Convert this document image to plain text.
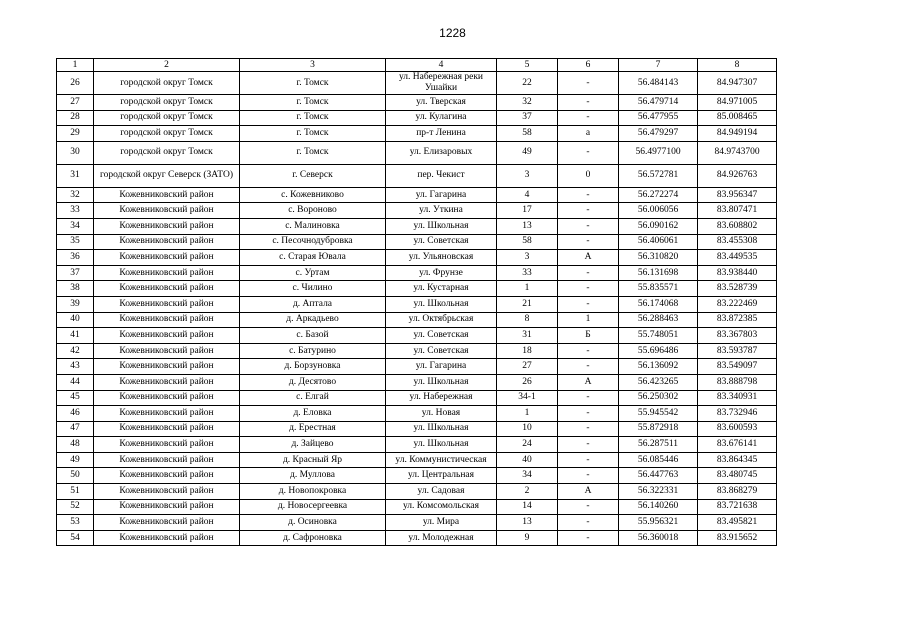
1228
1	2	3	4	5	6	7	8
26	городской округ Томск	г. Томск	ул. Набережная реки Ушайки	22	-	56.484143	84.947307
27	городской округ Томск	г. Томск	ул. Тверская	32	-	56.479714	84.971005
28	городской округ Томск	г. Томск	ул. Кулагина	37	-	56.477955	85.008465
29	городской округ Томск	г. Томск	пр-т Ленина	58	а	56.479297	84.949194
30	городской округ Томск	г. Томск	ул. Елизаровых	49	-	56.4977100	84.9743700
31	городской округ Северск (ЗАТО)	г. Северск	пер. Чекист	3	0	56.572781	84.926763
32	Кожевниковский район	с. Кожевниково	ул. Гагарина	4	-	56.272274	83.956347
33	Кожевниковский район	с. Вороново	ул. Уткина	17	-	56.006056	83.807471
34	Кожевниковский район	с. Малиновка	ул. Школьная	13	-	56.090162	83.608802
35	Кожевниковский район	с. Песочнодубровка	ул. Советская	58	-	56.406061	83.455308
36	Кожевниковский район	с. Старая Ювала	ул. Ульяновская	3	А	56.310820	83.449535
37	Кожевниковский район	с. Уртам	ул. Фрунзе	33	-	56.131698	83.938440
38	Кожевниковский район	с. Чилино	ул. Кустарная	1	-	55.835571	83.528739
39	Кожевниковский район	д. Аптала	ул. Школьная	21	-	56.174068	83.222469
40	Кожевниковский район	д. Аркадьево	ул. Октябрьская	8	1	56.288463	83.872385
41	Кожевниковский район	с. Базой	ул. Советская	31	Б	55.748051	83.367803
42	Кожевниковский район	с. Батурино	ул. Советская	18	-	55.696486	83.593787
43	Кожевниковский район	д. Борзуновка	ул. Гагарина	27	-	56.136092	83.549097
44	Кожевниковский район	д. Десятово	ул. Школьная	26	А	56.423265	83.888798
45	Кожевниковский район	с. Елгай	ул. Набережная	34-1	-	56.250302	83.340931
46	Кожевниковский район	д. Еловка	ул. Новая	1	-	55.945542	83.732946
47	Кожевниковский район	д. Ерестная	ул. Школьная	10	-	55.872918	83.600593
48	Кожевниковский район	д. Зайцево	ул. Школьная	24	-	56.287511	83.676141
49	Кожевниковский район	д. Красный Яр	ул. Коммунистическая	40	-	56.085446	83.864345
50	Кожевниковский район	д. Муллова	ул. Центральная	34	-	56.447763	83.480745
51	Кожевниковский район	д. Новопокровка	ул. Садовая	2	А	56.322331	83.868279
52	Кожевниковский район	д. Новосергеевка	ул. Комсомольская	14	-	56.140260	83.721638
53	Кожевниковский район	д. Осиновка	ул. Мира	13	-	55.956321	83.495821
54	Кожевниковский район	д. Сафроновка	ул. Молодежная	9	-	56.360018	83.915652
